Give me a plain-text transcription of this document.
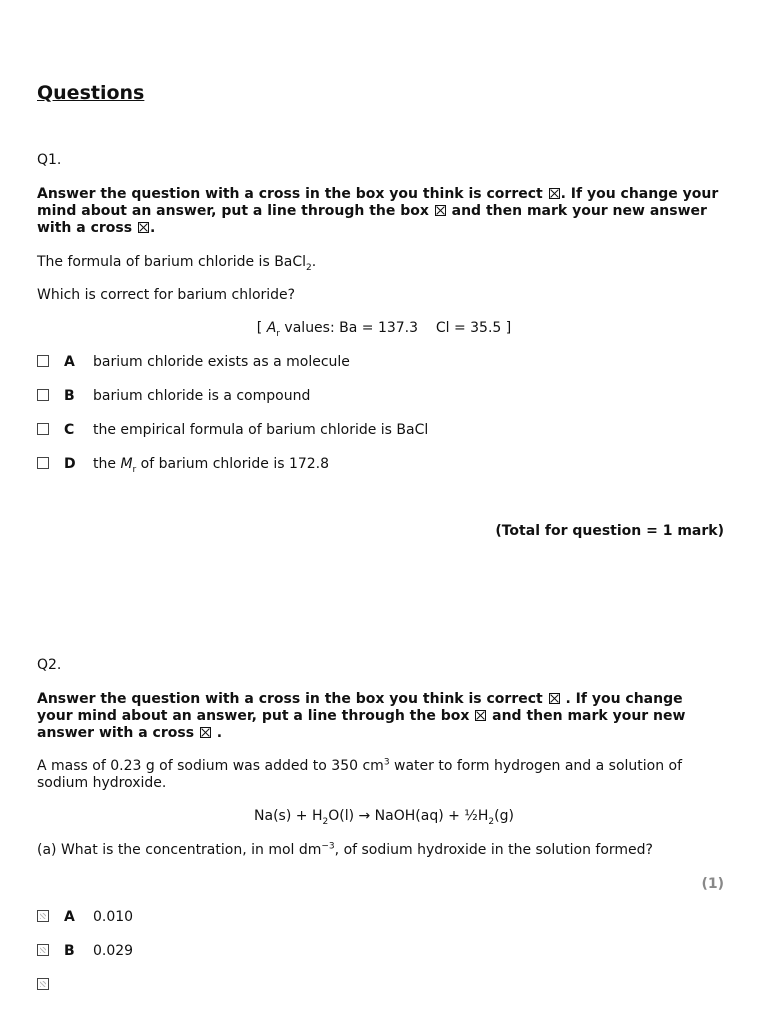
Questions
Q1.
Answer the question with a cross in the box you think is correct ☒. If you change your mind about an answer, put a line through the box ☒ and then mark your new answer with a cross ☒.
The formula of barium chloride is BaCl$_2$.
Which is correct for barium chloride?
[ $A_r$ values: Ba = 137.3    Cl = 35.5 ]
A barium chloride exists as a molecule
B barium chloride is a compound
C the empirical formula of barium chloride is BaCl
D the $M_r$ of barium chloride is 172.8
(Total for question = 1 mark)
Q2.
Answer the question with a cross in the box you think is correct ☒ . If you change your mind about an answer, put a line through the box ☒ and then mark your new answer with a cross ☒ .
A mass of 0.23 g of sodium was added to 350 $cm^3$ water to form hydrogen and a solution of sodium hydroxide.
$Na(s) + H_2O(l)$ → NaOH(aq) + $\frac{1}{2}H_2(g)$
(a) What is the concentration, in mol $dm^{-3}$, of sodium hydroxide in the solution formed?
(1)
A 0.010
B 0.029
